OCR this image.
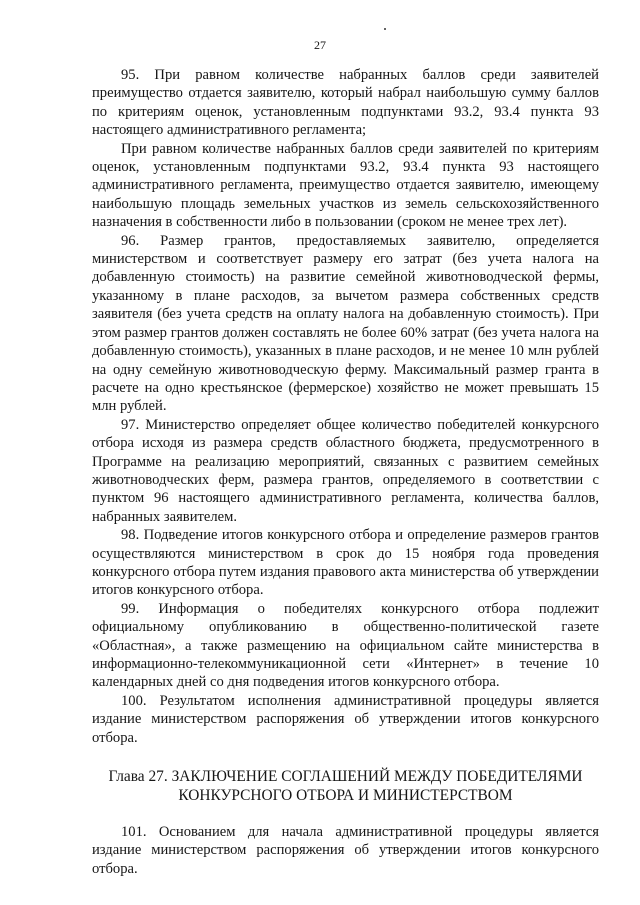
27

95. При равном количестве набранных баллов среди заявителей преимущество отдается заявителю, который набрал наибольшую сумму баллов по критериям оценок, установленным подпунктами 93.2, 93.4 пункта 93 настоящего административного регламента;

При равном количестве набранных баллов среди заявителей по критериям оценок, установленным подпунктами 93.2, 93.4 пункта 93 настоящего административного регламента, преимущество отдается заявителю, имеющему наибольшую площадь земельных участков из земель сельскохозяйственного назначения в собственности либо в пользовании (сроком не менее трех лет).

96. Размер грантов, предоставляемых заявителю, определяется министерством и соответствует размеру его затрат (без учета налога на добавленную стоимость) на развитие семейной животноводческой фермы, указанному в плане расходов, за вычетом размера собственных средств заявителя (без учета средств на оплату налога на добавленную стоимость). При этом размер грантов должен составлять не более 60% затрат (без учета налога на добавленную стоимость), указанных в плане расходов, и не менее 10 млн рублей на одну семейную животноводческую ферму. Максимальный размер гранта в расчете на одно крестьянское (фермерское) хозяйство не может превышать 15 млн рублей.

97. Министерство определяет общее количество победителей конкурсного отбора исходя из размера средств областного бюджета, предусмотренного в Программе на реализацию мероприятий, связанных с развитием семейных животноводческих ферм, размера грантов, определяемого в соответствии с пунктом 96 настоящего административного регламента, количества баллов, набранных заявителем.

98. Подведение итогов конкурсного отбора и определение размеров грантов осуществляются министерством в срок до 15 ноября года проведения конкурсного отбора путем издания правового акта министерства об утверждении итогов конкурсного отбора.

99. Информация о победителях конкурсного отбора подлежит официальному опубликованию в общественно-политической газете «Областная», а также размещению на официальном сайте министерства в информационно-телекоммуникационной сети «Интернет» в течение 10 календарных дней со дня подведения итогов конкурсного отбора.

100. Результатом исполнения административной процедуры является издание министерством распоряжения об утверждении итогов конкурсного отбора.

Глава 27. ЗАКЛЮЧЕНИЕ СОГЛАШЕНИЙ МЕЖДУ ПОБЕДИТЕЛЯМИ
КОНКУРСНОГО ОТБОРА И МИНИСТЕРСТВОМ

101. Основанием для начала административной процедуры является издание министерством распоряжения об утверждении итогов конкурсного отбора.
